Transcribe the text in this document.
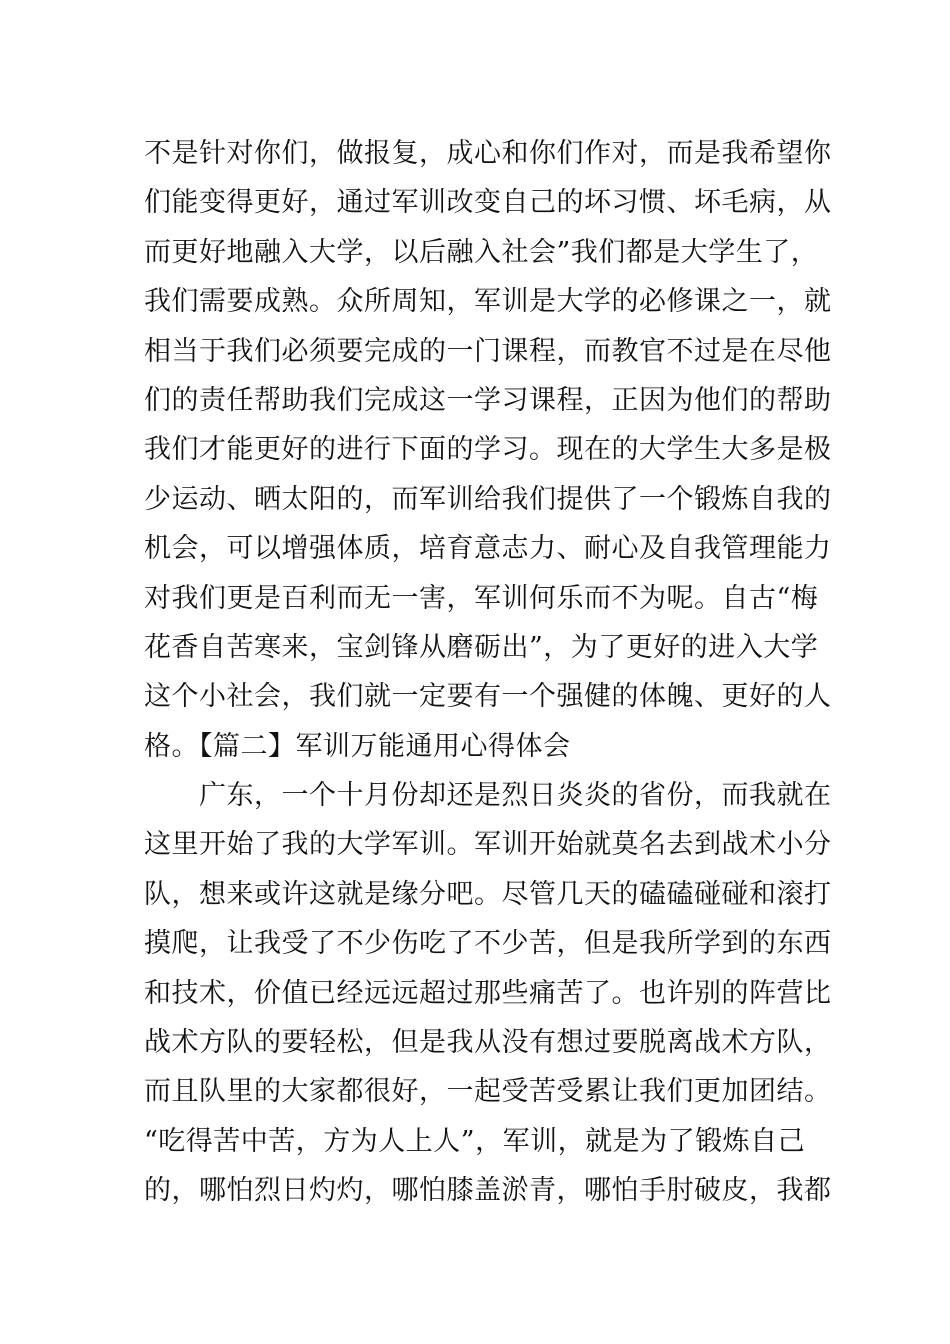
不是针对你们，做报复，成心和你们作对，而是我希望你
们能变得更好，通过军训改变自己的坏习惯、坏毛病，从
而更好地融入大学，以后融入社会”我们都是大学生了，
我们需要成熟。众所周知，军训是大学的必修课之一，就
相当于我们必须要完成的一门课程，而教官不过是在尽他
们的责任帮助我们完成这一学习课程，正因为他们的帮助
我们才能更好的进行下面的学习。现在的大学生大多是极
少运动、晒太阳的，而军训给我们提供了一个锻炼自我的
机会，可以增强体质，培育意志力、耐心及自我管理能力
对我们更是百利而无一害，军训何乐而不为呢。自古“梅
花香自苦寒来，宝剑锋从磨砺出”，为了更好的进入大学
这个小社会，我们就一定要有一个强健的体魄、更好的人
格。【篇二】军训万能通用心得体会
广东，一个十月份却还是烈日炎炎的省份，而我就在
这里开始了我的大学军训。军训开始就莫名去到战术小分
队，想来或许这就是缘分吧。尽管几天的磕磕碰碰和滚打
摸爬，让我受了不少伤吃了不少苦，但是我所学到的东西
和技术，价值已经远远超过那些痛苦了。也许别的阵营比
战术方队的要轻松，但是我从没有想过要脱离战术方队，
而且队里的大家都很好，一起受苦受累让我们更加团结。
“吃得苦中苦，方为人上人”，军训，就是为了锻炼自己
的，哪怕烈日灼灼，哪怕膝盖淤青，哪怕手肘破皮，我都
